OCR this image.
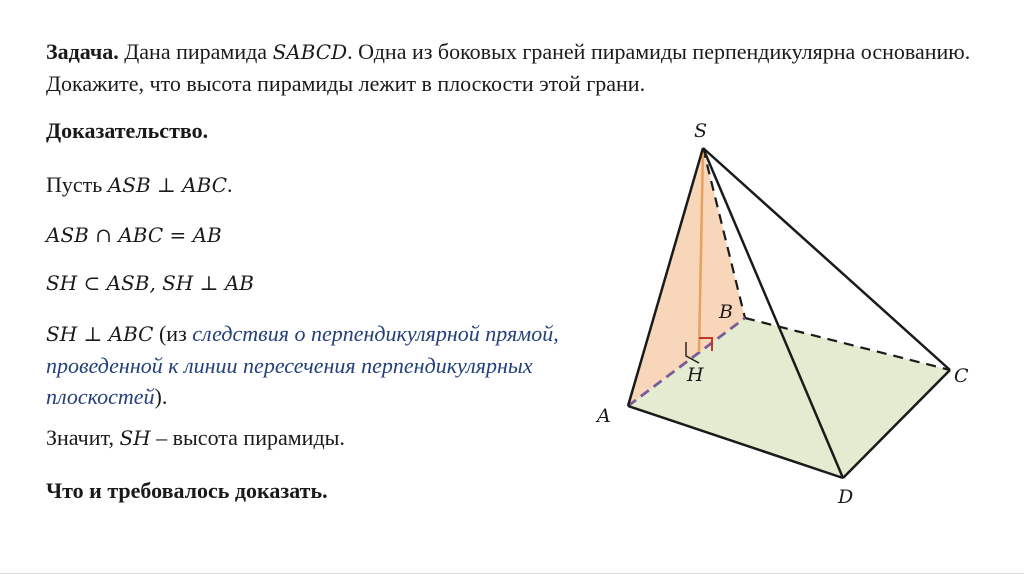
Задача. Дана пирамида SABCD. Одна из боковых граней пирамиды перпендикулярна основанию. Докажите, что высота пирамиды лежит в плоскости этой грани.
Доказательство.
Пусть ASB ⊥ ABC.
ASB ∩ ABC = AB
SH ⊂ ASB, SH ⊥ AB
SH ⊥ ABC (из следствия о перпендикулярной прямой, проведенной к линии пересечения перпендикулярных плоскостей).
Значит, SH – высота пирамиды.
Что и требовалось доказать.
S
A
B
C
D
H
